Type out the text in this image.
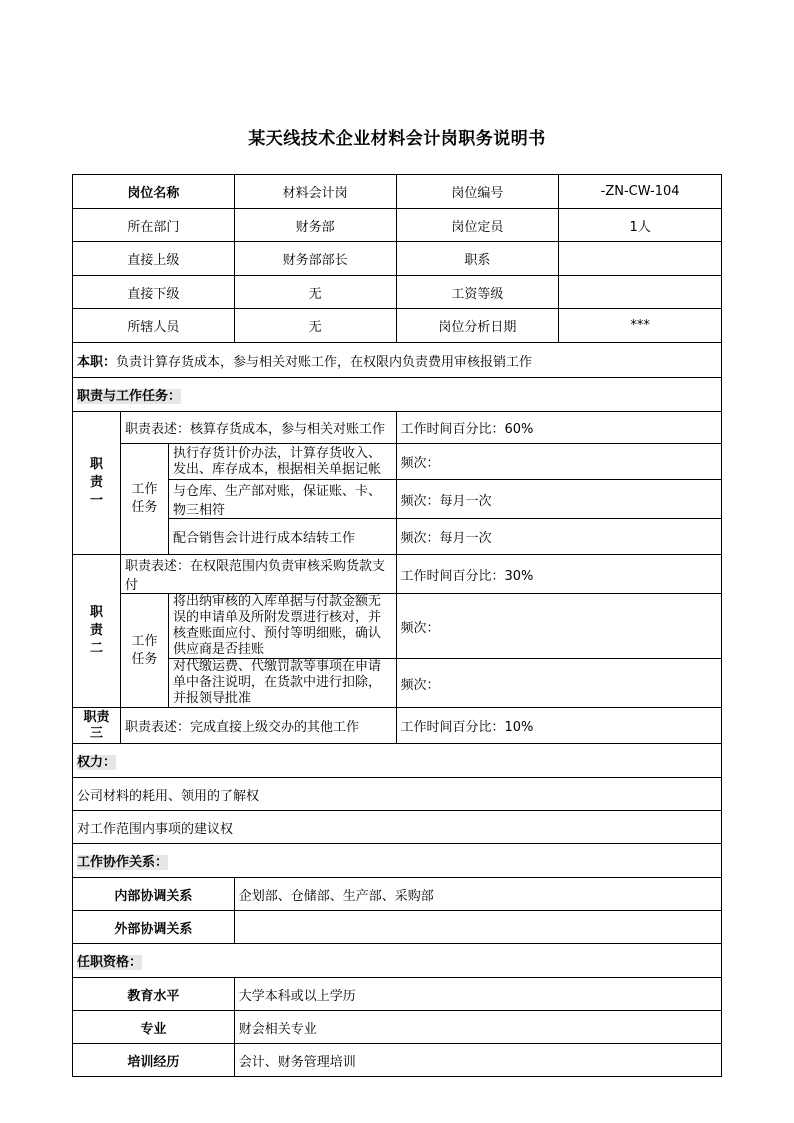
某天线技术企业材料会计岗职务说明书
岗位名称			材料会计岗	岗位编号	-ZN-CW-104
所在部门			财务部	岗位定员	1人
直接上级			财务部部长	职系	
直接下级			无	工资等级	
所辖人员			无	岗位分析日期	***
本职：负责计算存货成本，参与相关对账工作，在权限内负责费用审核报销工作					
职责与工作任务：					
职责一	职责表述：核算存货成本，参与相关对账工作			工作时间百分比：60%	
	工作任务	执行存货计价办法，计算存货收入、发出、库存成本，根据相关单据记帐		频次：	
		与仓库、生产部对账，保证账、卡、物三相符		频次：每月一次	
		配合销售会计进行成本结转工作		频次：每月一次	
职责二	职责表述：在权限范围内负责审核采购货款支付			工作时间百分比：30%	
	工作任务	将出纳审核的入库单据与付款金额无误的申请单及所附发票进行核对，并核查账面应付、预付等明细账，确认供应商是否挂账		频次：	
		对代缴运费、代缴罚款等事项在申请单中备注说明，在货款中进行扣除，并报领导批准		频次：	
职责三	职责表述：完成直接上级交办的其他工作			工作时间百分比：10%	
权力：					
公司材料的耗用、领用的了解权					
对工作范围内事项的建议权					
工作协作关系：					
内部协调关系			企划部、仓储部、生产部、采购部		
外部协调关系					
任职资格：					
教育水平			大学本科或以上学历		
专业			财会相关专业		
培训经历			会计、财务管理培训		
